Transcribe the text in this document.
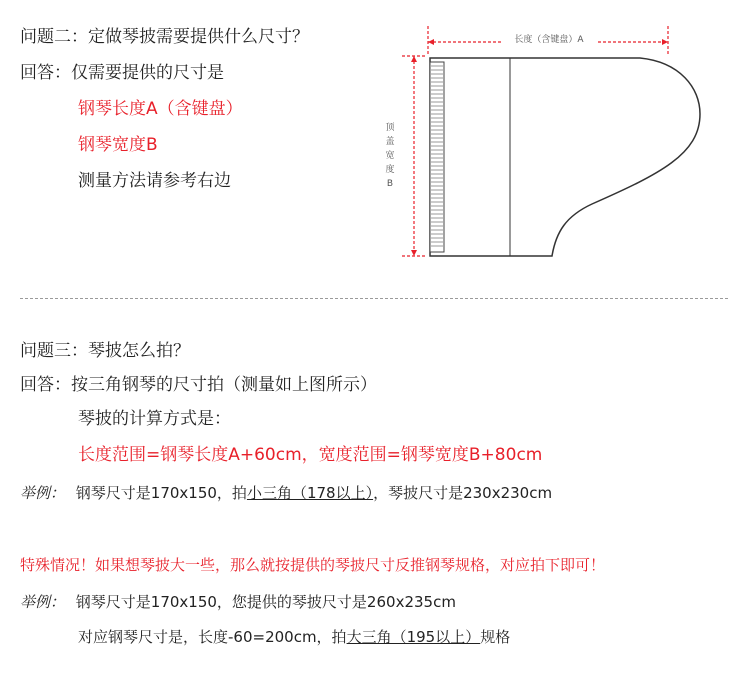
问题二：定做琴披需要提供什么尺寸？
回答：仅需要提供的尺寸是
钢琴长度A（含键盘）
钢琴宽度B
测量方法请参考右边
长度（含键盘）A
顶
盖
宽
度
B
问题三：琴披怎么拍？
回答：按三角钢琴的尺寸拍（测量如上图所示）
琴披的计算方式是：
长度范围=钢琴长度A+60cm，宽度范围=钢琴宽度B+80cm
举例： 钢琴尺寸是170x150，拍小三角（178以上），琴披尺寸是230x230cm
特殊情况！如果想琴披大一些，那么就按提供的琴披尺寸反推钢琴规格，对应拍下即可！
举例： 钢琴尺寸是170x150，您提供的琴披尺寸是260x235cm
对应钢琴尺寸是，长度-60=200cm，拍大三角（195以上）规格
